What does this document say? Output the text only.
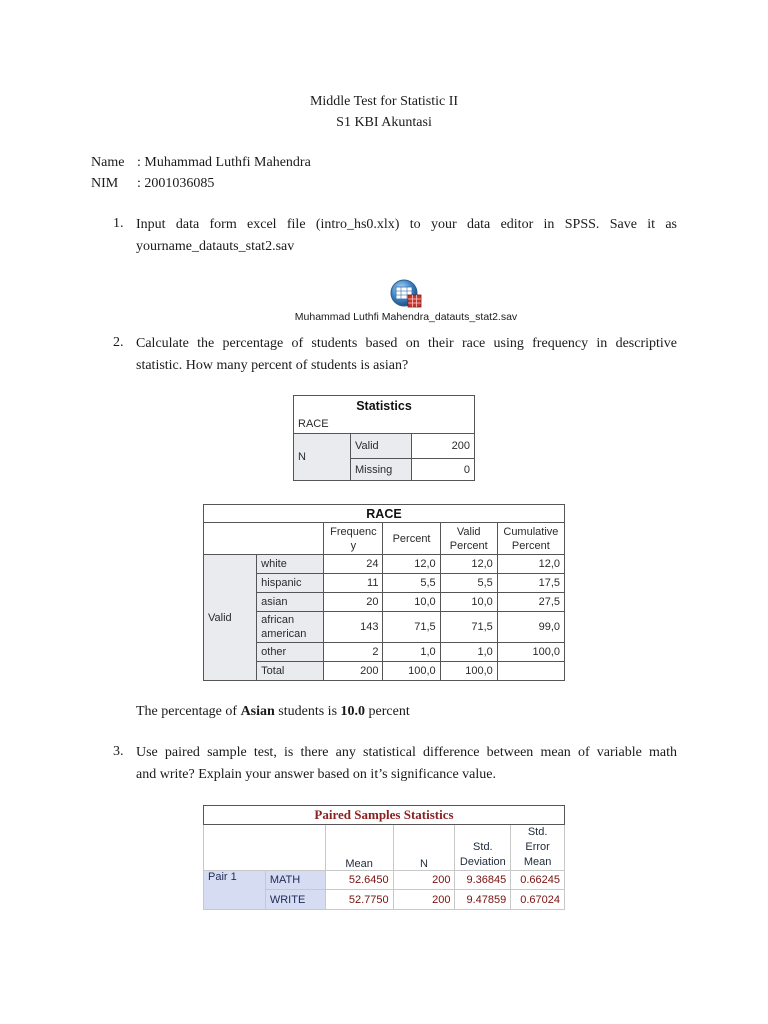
Middle Test for Statistic II
S1 KBI Akuntasi
Name : Muhammad Luthfi Mahendra
NIM : 2001036085
1. Input data form excel file (intro_hs0.xlx) to your data editor in SPSS. Save it as
yourname_datauts_stat2.sav
Muhammad Luthfi Mahendra_datauts_stat2.sav
2. Calculate the percentage of students based on their race using frequency in descriptive
statistic. How many percent of students is asian?
Statistics		
RACE		
N	Valid	200
	Missing	0
RACE					
		Frequenc y	Percent	Valid Percent	Cumulative Percent
Valid	white	24	12,0	12,0	12,0
	hispanic	11	5,5	5,5	17,5
	asian	20	10,0	10,0	27,5
	african american	143	71,5	71,5	99,0
	other	2	1,0	1,0	100,0
	Total	200	100,0	100,0	
The percentage of Asian students is 10.0 percent
3. Use paired sample test, is there any statistical difference between mean of variable math
and write? Explain your answer based on it’s significance value.
Paired Samples Statistics					
		Mean	N	Std. Deviation	Std. Error Mean
Pair 1	MATH	52.6450	200	9.36845	0.66245
	WRITE	52.7750	200	9.47859	0.67024
